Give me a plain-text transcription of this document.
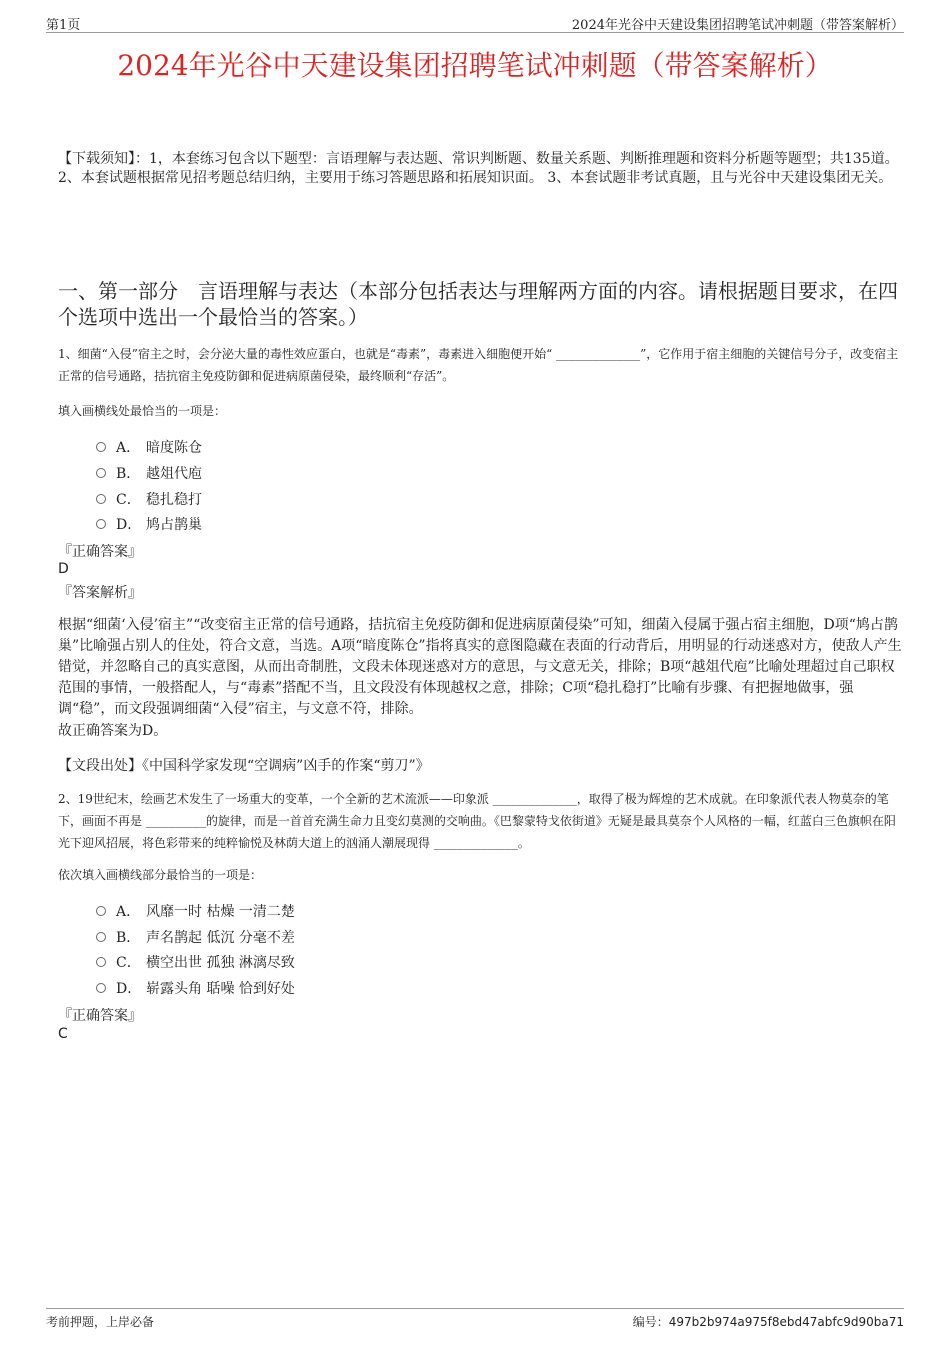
第1页	2024年光谷中天建设集团招聘笔试冲刺题（带答案解析）
2024年光谷中天建设集团招聘笔试冲刺题（带答案解析）
【下载须知】：1，本套练习包含以下题型：言语理解与表达题、常识判断题、数量关系题、判断推理题和资料分析题等题型；共135道。 2、本套试题根据常见招考题总结归纳，主要用于练习答题思路和拓展知识面。 3、本套试题非考试真题，且与光谷中天建设集团无关。
一、第一部分　言语理解与表达（本部分包括表达与理解两方面的内容。请根据题目要求，在四个选项中选出一个最恰当的答案。）
1、细菌“入侵”宿主之时，会分泌大量的毒性效应蛋白，也就是“毒素”，毒素进入细胞便开始“ ______________”，它作用于宿主细胞的关键信号分子，改变宿主正常的信号通路，拮抗宿主免疫防御和促进病原菌侵染，最终顺利“存活”。
填入画横线处最恰当的一项是：
A． 暗度陈仓
B． 越俎代庖
C． 稳扎稳打
D． 鸠占鹊巢
『正确答案』
D
『答案解析』
根据“细菌‘入侵’宿主”“改变宿主正常的信号通路，拮抗宿主免疫防御和促进病原菌侵染”可知，细菌入侵属于强占宿主细胞，D项“鸠占鹊巢”比喻强占别人的住处，符合文意，当选。A项“暗度陈仓”指将真实的意图隐藏在表面的行动背后，用明显的行动迷惑对方，使敌人产生错觉，并忽略自己的真实意图，从而出奇制胜，文段未体现迷惑对方的意思，与文意无关，排除；B项“越俎代庖”比喻处理超过自己职权范围的事情，一般搭配人，与“毒素”搭配不当，且文段没有体现越权之意，排除；C项“稳扎稳打”比喻有步骤、有把握地做事，强调“稳”，而文段强调细菌“入侵”宿主，与文意不符，排除。
故正确答案为D。
【文段出处】《中国科学家发现“空调病”凶手的作案“剪刀”》
2、19世纪末，绘画艺术发生了一场重大的变革，一个全新的艺术流派——印象派 ______________，取得了极为辉煌的艺术成就。在印象派代表人物莫奈的笔下，画面不再是 __________的旋律，而是一首首充满生命力且变幻莫测的交响曲。《巴黎蒙特戈依街道》无疑是最具莫奈个人风格的一幅，红蓝白三色旗帜在阳光下迎风招展，将色彩带来的纯粹愉悦及林荫大道上的汹涌人潮展现得 ______________。
依次填入画横线部分最恰当的一项是：
A． 风靡一时 枯燥 一清二楚
B． 声名鹊起 低沉 分毫不差
C． 横空出世 孤独 淋漓尽致
D． 崭露头角 聒噪 恰到好处
『正确答案』
C
考前押题，上岸必备	编号：497b2b974a975f8ebd47abfc9d90ba71
